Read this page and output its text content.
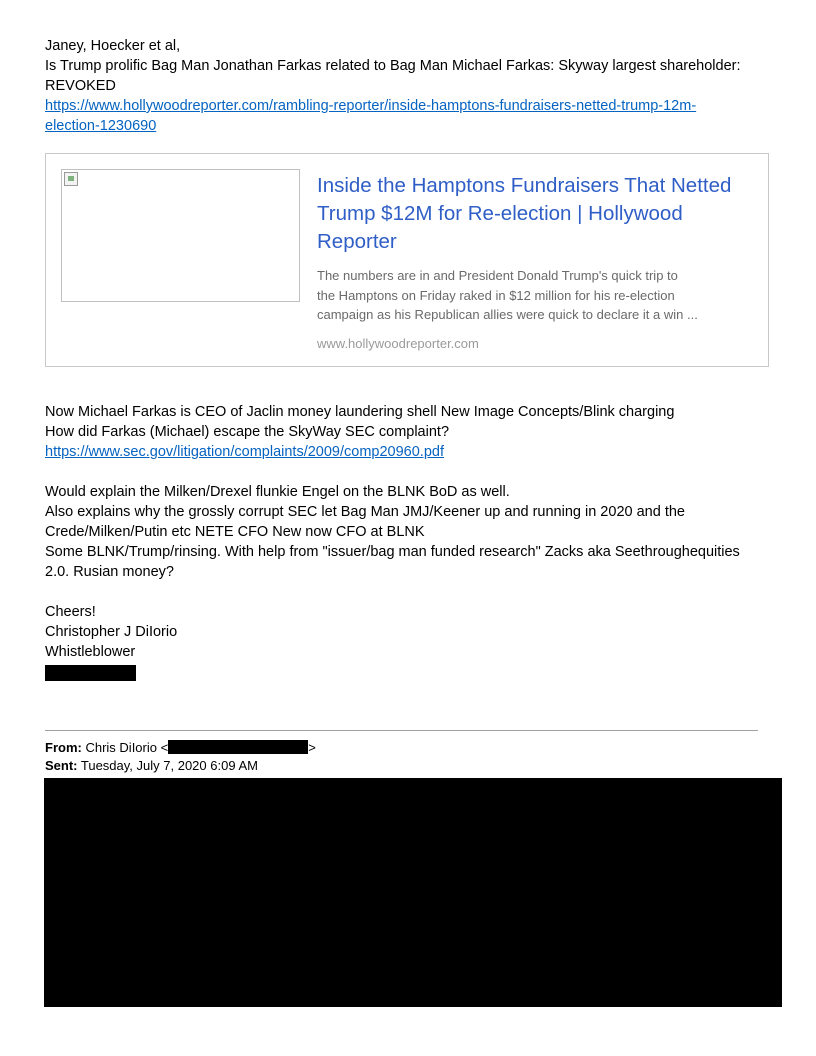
Janey, Hoecker et al,
Is Trump prolific Bag Man Jonathan Farkas related to Bag Man Michael Farkas: Skyway largest shareholder:
REVOKED
https://www.hollywoodreporter.com/rambling-reporter/inside-hamptons-fundraisers-netted-trump-12m-
election-1230690
Inside the Hamptons Fundraisers That Netted
Trump $12M for Re-election | Hollywood
Reporter
The numbers are in and President Donald Trump's quick trip to
the Hamptons on Friday raked in $12 million for his re-election
campaign as his Republican allies were quick to declare it a win ...
www.hollywoodreporter.com
Now Michael Farkas is CEO of Jaclin money laundering shell New Image Concepts/Blink charging
How did Farkas (Michael) escape the SkyWay SEC complaint?
https://www.sec.gov/litigation/complaints/2009/comp20960.pdf
Would explain the Milken/Drexel flunkie Engel on the BLNK BoD as well.
Also explains why the grossly corrupt SEC let Bag Man JMJ/Keener up and running in 2020 and the
Crede/Milken/Putin etc NETE CFO New now CFO at BLNK
Some BLNK/Trump/rinsing. With help from "issuer/bag man funded research" Zacks aka Seethroughequities
2.0. Rusian money?
Cheers!
Christopher J DiIorio
Whistleblower
From: Chris DiIorio <	>
Sent: Tuesday, July 7, 2020 6:09 AM
